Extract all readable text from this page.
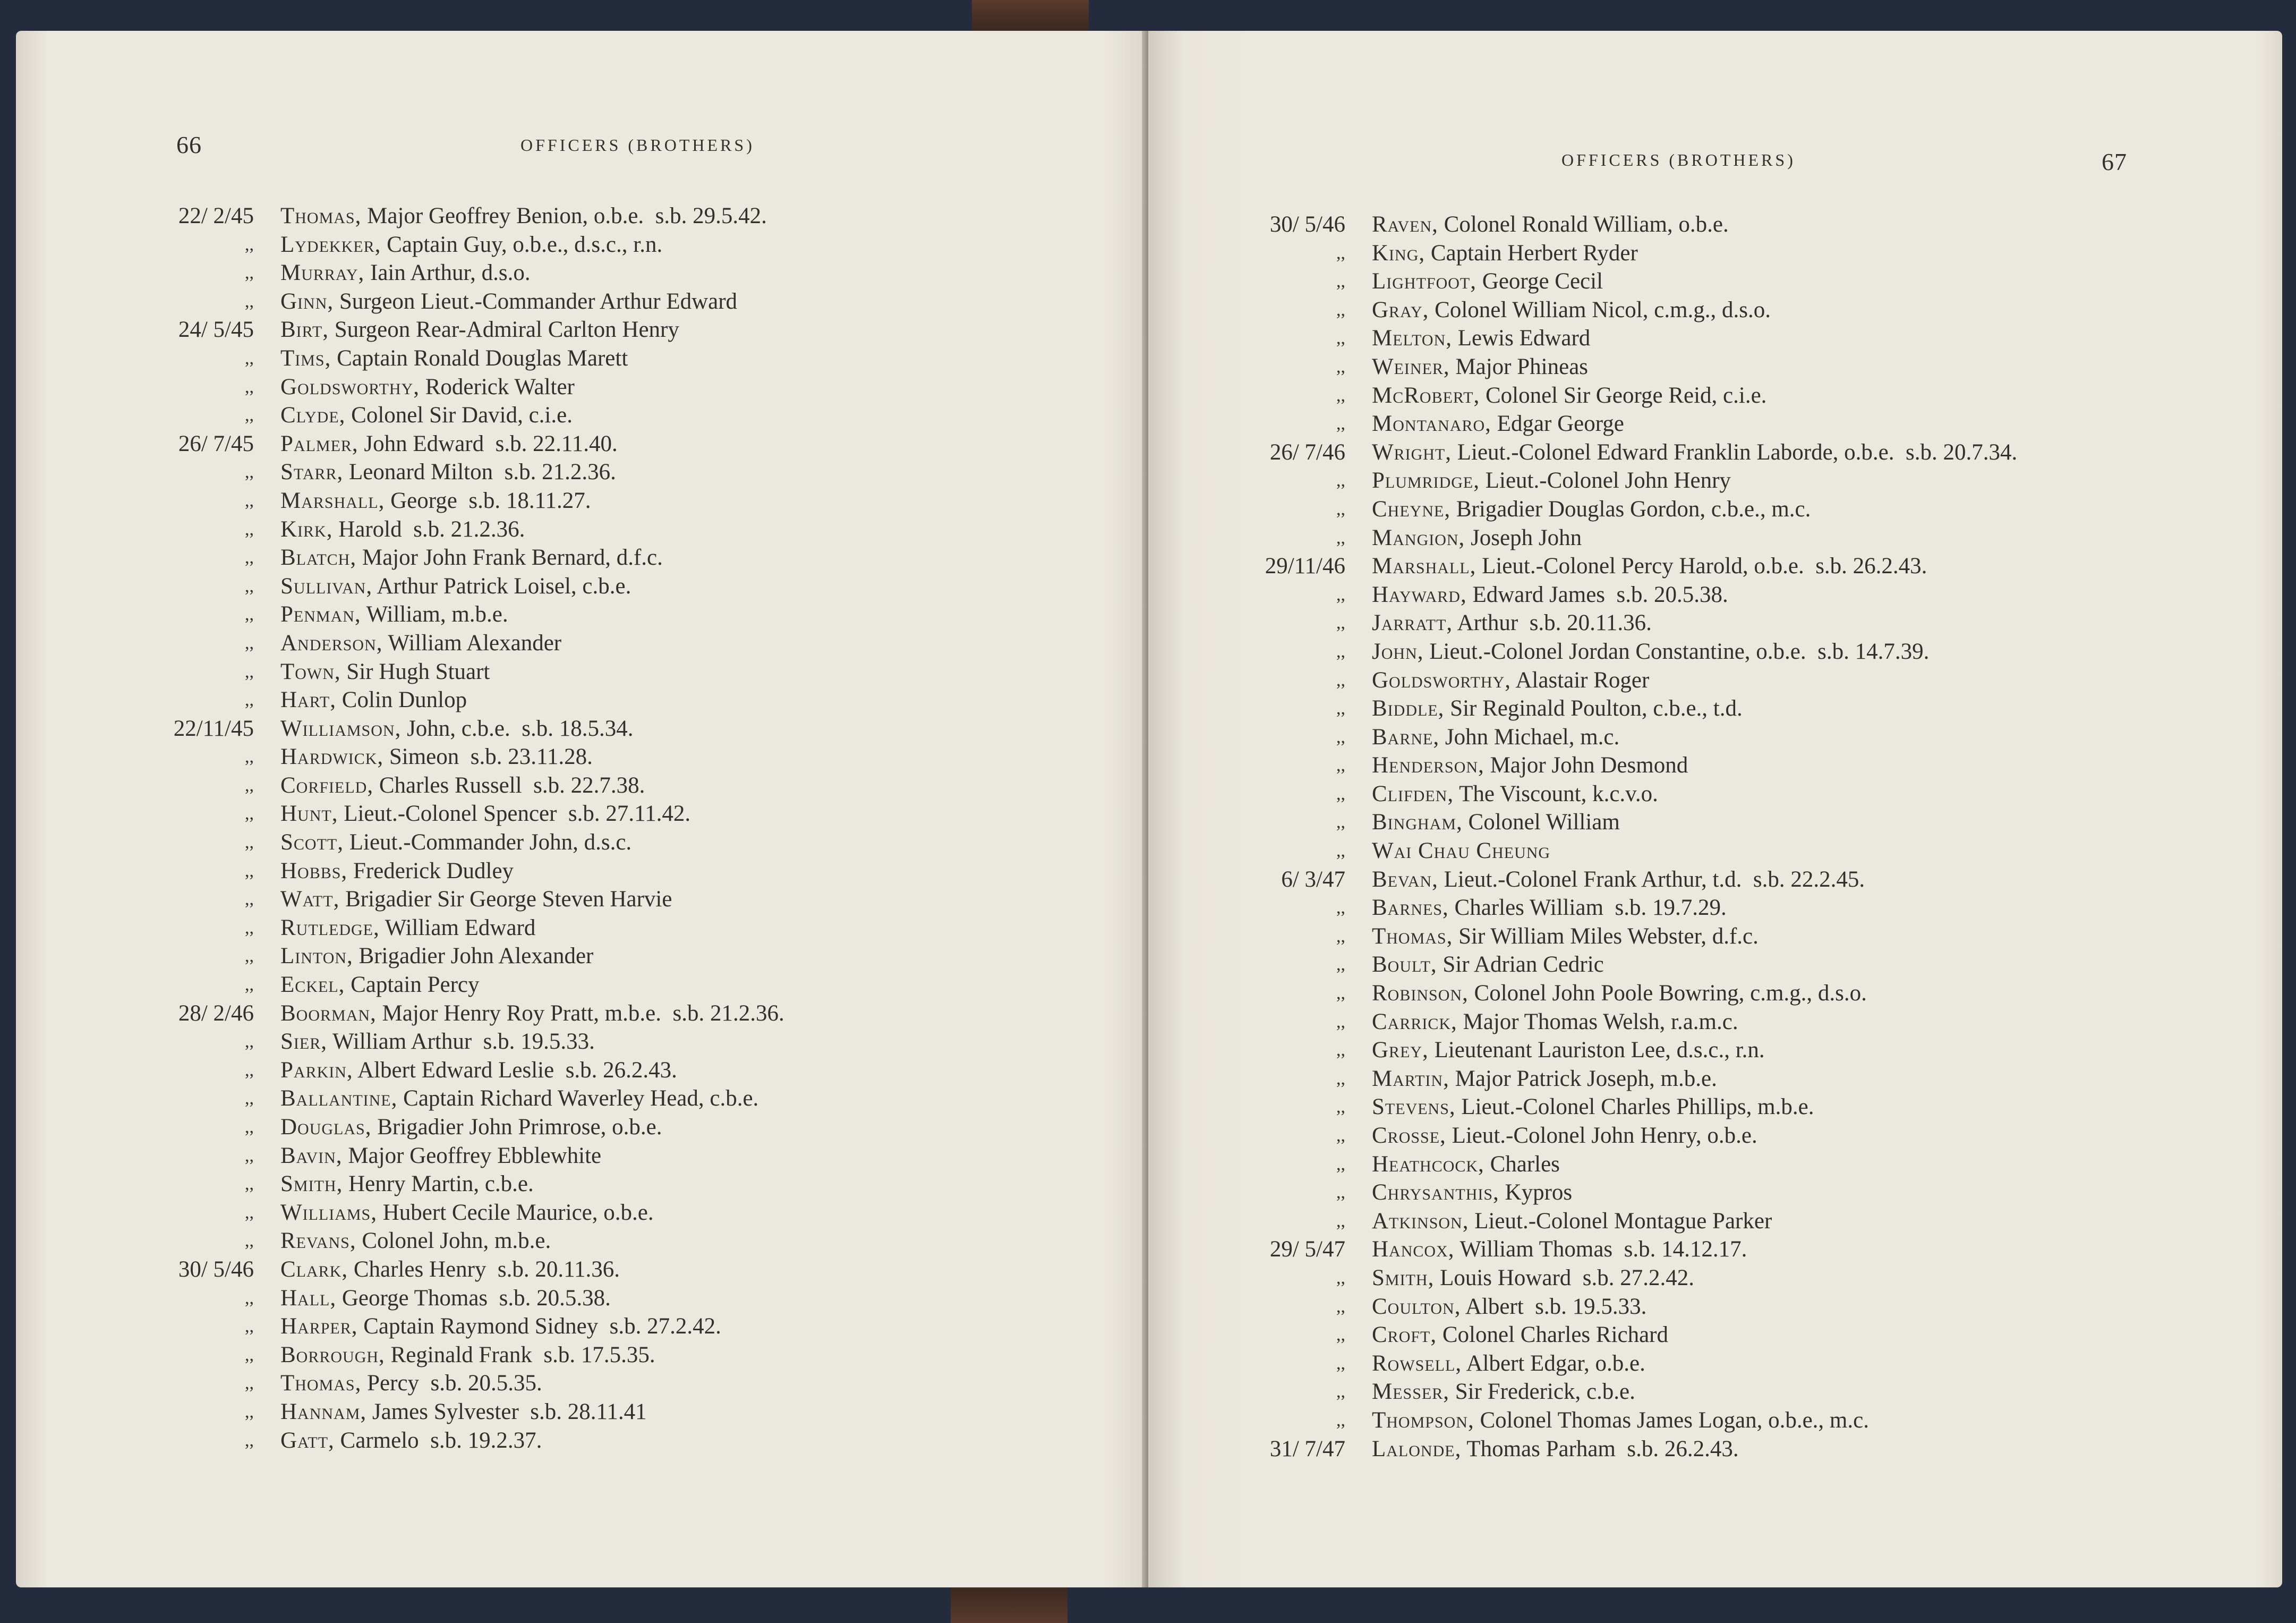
66	OFFICERS (BROTHERS)
22/ 2/45	Thomas, Major Geoffrey Benion, o.b.e.  s.b. 29.5.42.
,,	Lydekker, Captain Guy, o.b.e., d.s.c., r.n.
,,	Murray, Iain Arthur, d.s.o.
,,	Ginn, Surgeon Lieut.-Commander Arthur Edward
24/ 5/45	Birt, Surgeon Rear-Admiral Carlton Henry
,,	Tims, Captain Ronald Douglas Marett
,,	Goldsworthy, Roderick Walter
,,	Clyde, Colonel Sir David, c.i.e.
26/ 7/45	Palmer, John Edward  s.b. 22.11.40.
,,	Starr, Leonard Milton  s.b. 21.2.36.
,,	Marshall, George  s.b. 18.11.27.
,,	Kirk, Harold  s.b. 21.2.36.
,,	Blatch, Major John Frank Bernard, d.f.c.
,,	Sullivan, Arthur Patrick Loisel, c.b.e.
,,	Penman, William, m.b.e.
,,	Anderson, William Alexander
,,	Town, Sir Hugh Stuart
,,	Hart, Colin Dunlop
22/11/45	Williamson, John, c.b.e.  s.b. 18.5.34.
,,	Hardwick, Simeon  s.b. 23.11.28.
,,	Corfield, Charles Russell  s.b. 22.7.38.
,,	Hunt, Lieut.-Colonel Spencer  s.b. 27.11.42.
,,	Scott, Lieut.-Commander John, d.s.c.
,,	Hobbs, Frederick Dudley
,,	Watt, Brigadier Sir George Steven Harvie
,,	Rutledge, William Edward
,,	Linton, Brigadier John Alexander
,,	Eckel, Captain Percy
28/ 2/46	Boorman, Major Henry Roy Pratt, m.b.e.  s.b. 21.2.36.
,,	Sier, William Arthur  s.b. 19.5.33.
,,	Parkin, Albert Edward Leslie  s.b. 26.2.43.
,,	Ballantine, Captain Richard Waverley Head, c.b.e.
,,	Douglas, Brigadier John Primrose, o.b.e.
,,	Bavin, Major Geoffrey Ebblewhite
,,	Smith, Henry Martin, c.b.e.
,,	Williams, Hubert Cecile Maurice, o.b.e.
,,	Revans, Colonel John, m.b.e.
30/ 5/46	Clark, Charles Henry  s.b. 20.11.36.
,,	Hall, George Thomas  s.b. 20.5.38.
,,	Harper, Captain Raymond Sidney  s.b. 27.2.42.
,,	Borrough, Reginald Frank  s.b. 17.5.35.
,,	Thomas, Percy  s.b. 20.5.35.
,,	Hannam, James Sylvester  s.b. 28.11.41
,,	Gatt, Carmelo  s.b. 19.2.37.
67
OFFICERS (BROTHERS)
30/ 5/46	Raven, Colonel Ronald William, o.b.e.
,,	King, Captain Herbert Ryder
,,	Lightfoot, George Cecil
,,	Gray, Colonel William Nicol, c.m.g., d.s.o.
,,	Melton, Lewis Edward
,,	Weiner, Major Phineas
,,	McRobert, Colonel Sir George Reid, c.i.e.
,,	Montanaro, Edgar George
26/ 7/46	Wright, Lieut.-Colonel Edward Franklin Laborde, o.b.e.  s.b. 20.7.34.
,,	Plumridge, Lieut.-Colonel John Henry
,,	Cheyne, Brigadier Douglas Gordon, c.b.e., m.c.
,,	Mangion, Joseph John
29/11/46	Marshall, Lieut.-Colonel Percy Harold, o.b.e.  s.b. 26.2.43.
,,	Hayward, Edward James  s.b. 20.5.38.
,,	Jarratt, Arthur  s.b. 20.11.36.
,,	John, Lieut.-Colonel Jordan Constantine, o.b.e.  s.b. 14.7.39.
,,	Goldsworthy, Alastair Roger
,,	Biddle, Sir Reginald Poulton, c.b.e., t.d.
,,	Barne, John Michael, m.c.
,,	Henderson, Major John Desmond
,,	Clifden, The Viscount, k.c.v.o.
,,	Bingham, Colonel William
,,	Wai Chau Cheung
6/ 3/47	Bevan, Lieut.-Colonel Frank Arthur, t.d.  s.b. 22.2.45.
,,	Barnes, Charles William  s.b. 19.7.29.
,,	Thomas, Sir William Miles Webster, d.f.c.
,,	Boult, Sir Adrian Cedric
,,	Robinson, Colonel John Poole Bowring, c.m.g., d.s.o.
,,	Carrick, Major Thomas Welsh, r.a.m.c.
,,	Grey, Lieutenant Lauriston Lee, d.s.c., r.n.
,,	Martin, Major Patrick Joseph, m.b.e.
,,	Stevens, Lieut.-Colonel Charles Phillips, m.b.e.
,,	Crosse, Lieut.-Colonel John Henry, o.b.e.
,,	Heathcock, Charles
,,	Chrysanthis, Kypros
,,	Atkinson, Lieut.-Colonel Montague Parker
29/ 5/47	Hancox, William Thomas  s.b. 14.12.17.
,,	Smith, Louis Howard  s.b. 27.2.42.
,,	Coulton, Albert  s.b. 19.5.33.
,,	Croft, Colonel Charles Richard
,,	Rowsell, Albert Edgar, o.b.e.
,,	Messer, Sir Frederick, c.b.e.
,,	Thompson, Colonel Thomas James Logan, o.b.e., m.c.
31/ 7/47	Lalonde, Thomas Parham  s.b. 26.2.43.
